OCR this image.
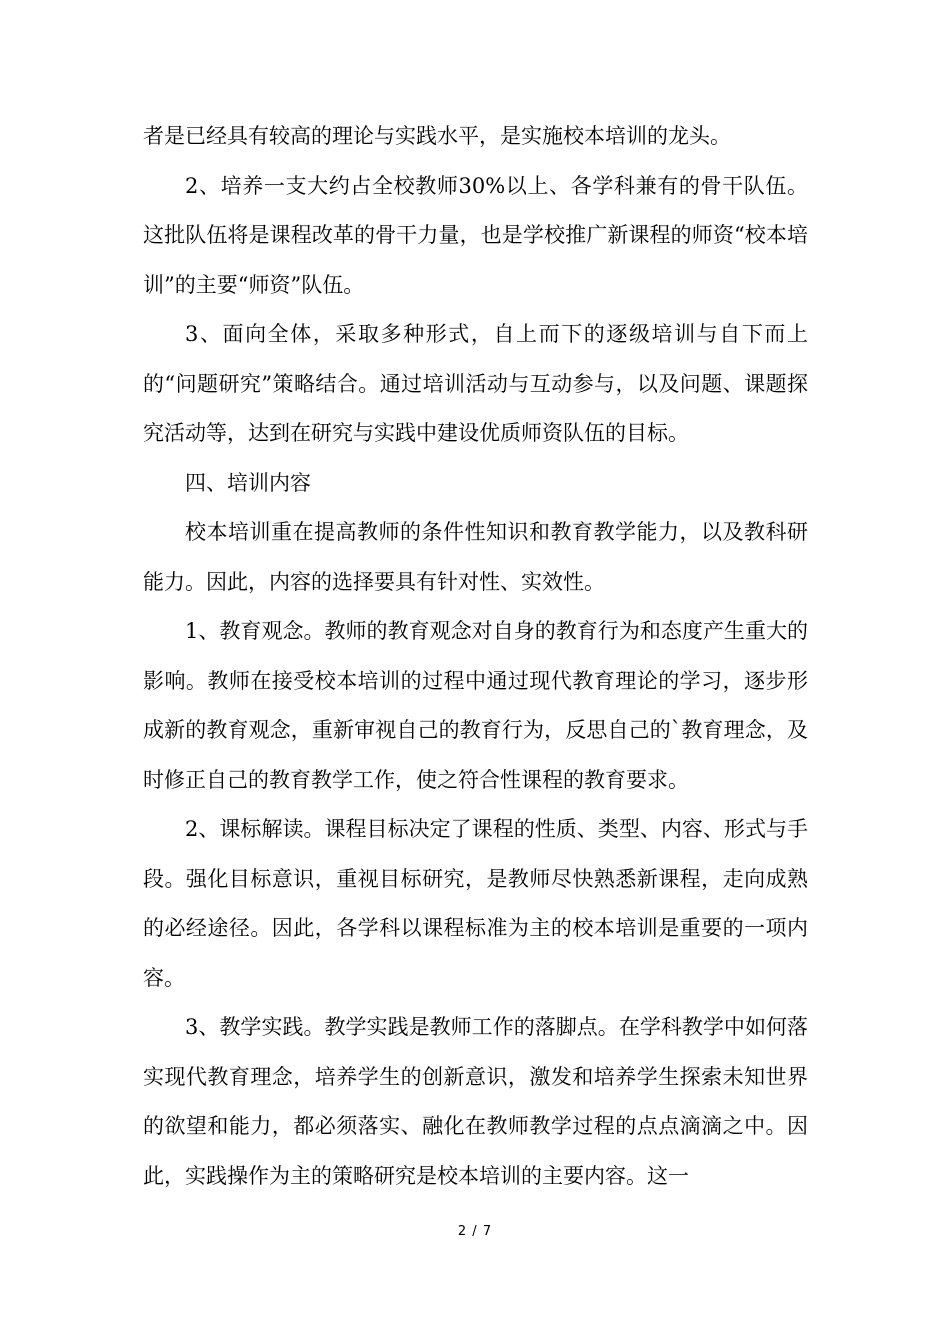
者是已经具有较高的理论与实践水平，是实施校本培训的龙头。

2、培养一支大约占全校教师30%以上、各学科兼有的骨干队伍。这批队伍将是课程改革的骨干力量，也是学校推广新课程的师资“校本培训”的主要“师资”队伍。

3、面向全体，采取多种形式，自上而下的逐级培训与自下而上的“问题研究”策略结合。通过培训活动与互动参与，以及问题、课题探究活动等，达到在研究与实践中建设优质师资队伍的目标。

四、培训内容

校本培训重在提高教师的条件性知识和教育教学能力，以及教科研能力。因此，内容的选择要具有针对性、实效性。

1、教育观念。教师的教育观念对自身的教育行为和态度产生重大的影响。教师在接受校本培训的过程中通过现代教育理论的学习，逐步形成新的教育观念，重新审视自己的教育行为，反思自己的`教育理念，及时修正自己的教育教学工作，使之符合性课程的教育要求。

2、课标解读。课程目标决定了课程的性质、类型、内容、形式与手段。强化目标意识，重视目标研究，是教师尽快熟悉新课程，走向成熟的必经途径。因此，各学科以课程标准为主的校本培训是重要的一项内容。

3、教学实践。教学实践是教师工作的落脚点。在学科教学中如何落实现代教育理念，培养学生的创新意识，激发和培养学生探索未知世界的欲望和能力，都必须落实、融化在教师教学过程的点点滴滴之中。因此，实践操作为主的策略研究是校本培训的主要内容。这一

2 / 7
